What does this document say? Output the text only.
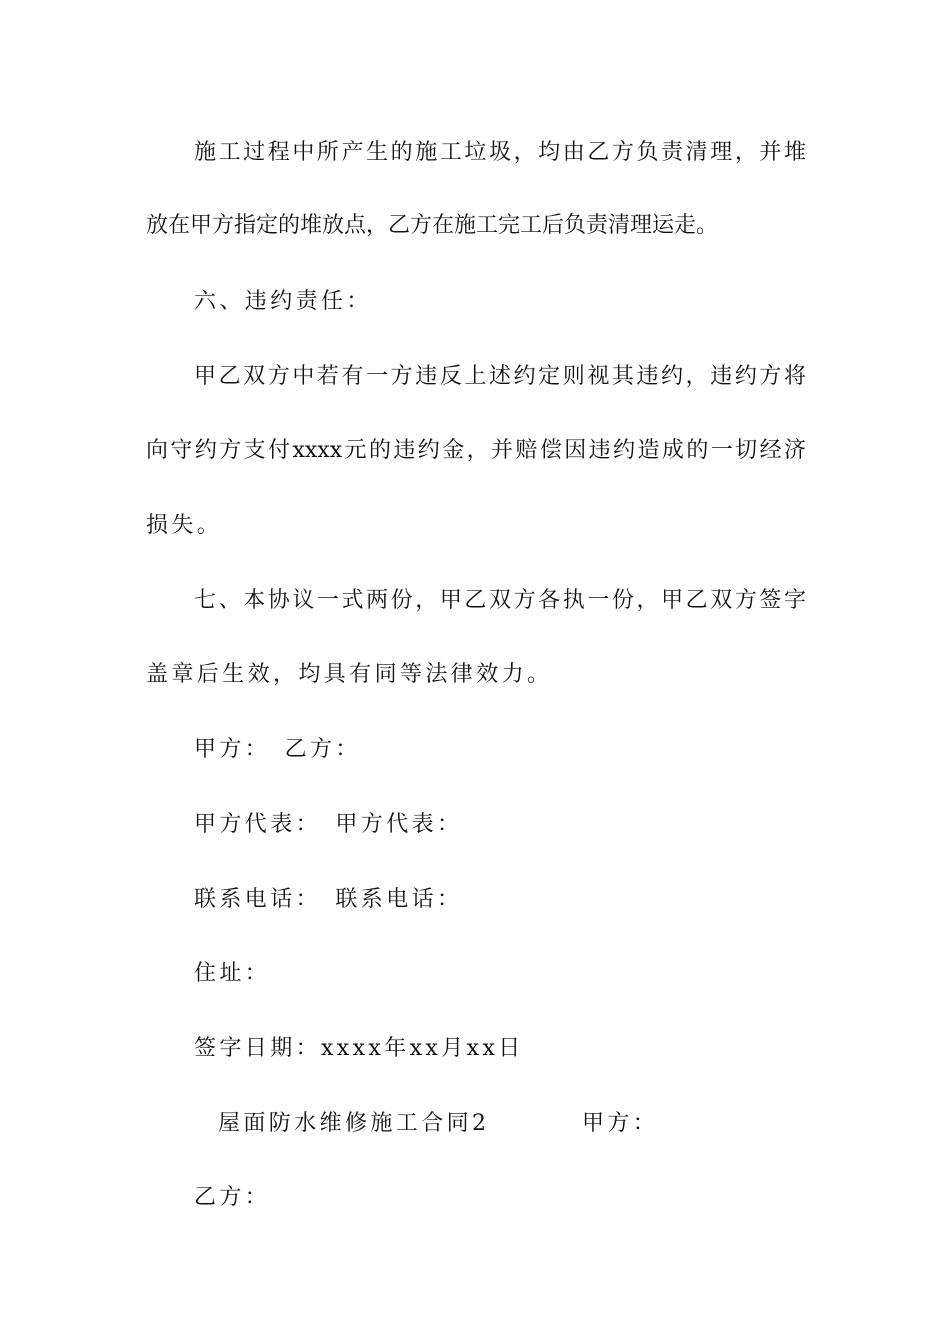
施工过程中所产生的施工垃圾，均由乙方负责清理，并堆
放在甲方指定的堆放点，乙方在施工完工后负责清理运走。
六、违约责任：
甲乙双方中若有一方违反上述约定则视其违约，违约方将
向守约方支付xxxx元的违约金，并赔偿因违约造成的一切经济
损失。
七、本协议一式两份，甲乙双方各执一份，甲乙双方签字
盖章后生效，均具有同等法律效力。
甲方：　乙方：
甲方代表：　甲方代表：
联系电话：　联系电话：
住址：
签字日期：xxxx年xx月xx日
屋面防水维修施工合同2	甲方：
乙方：
